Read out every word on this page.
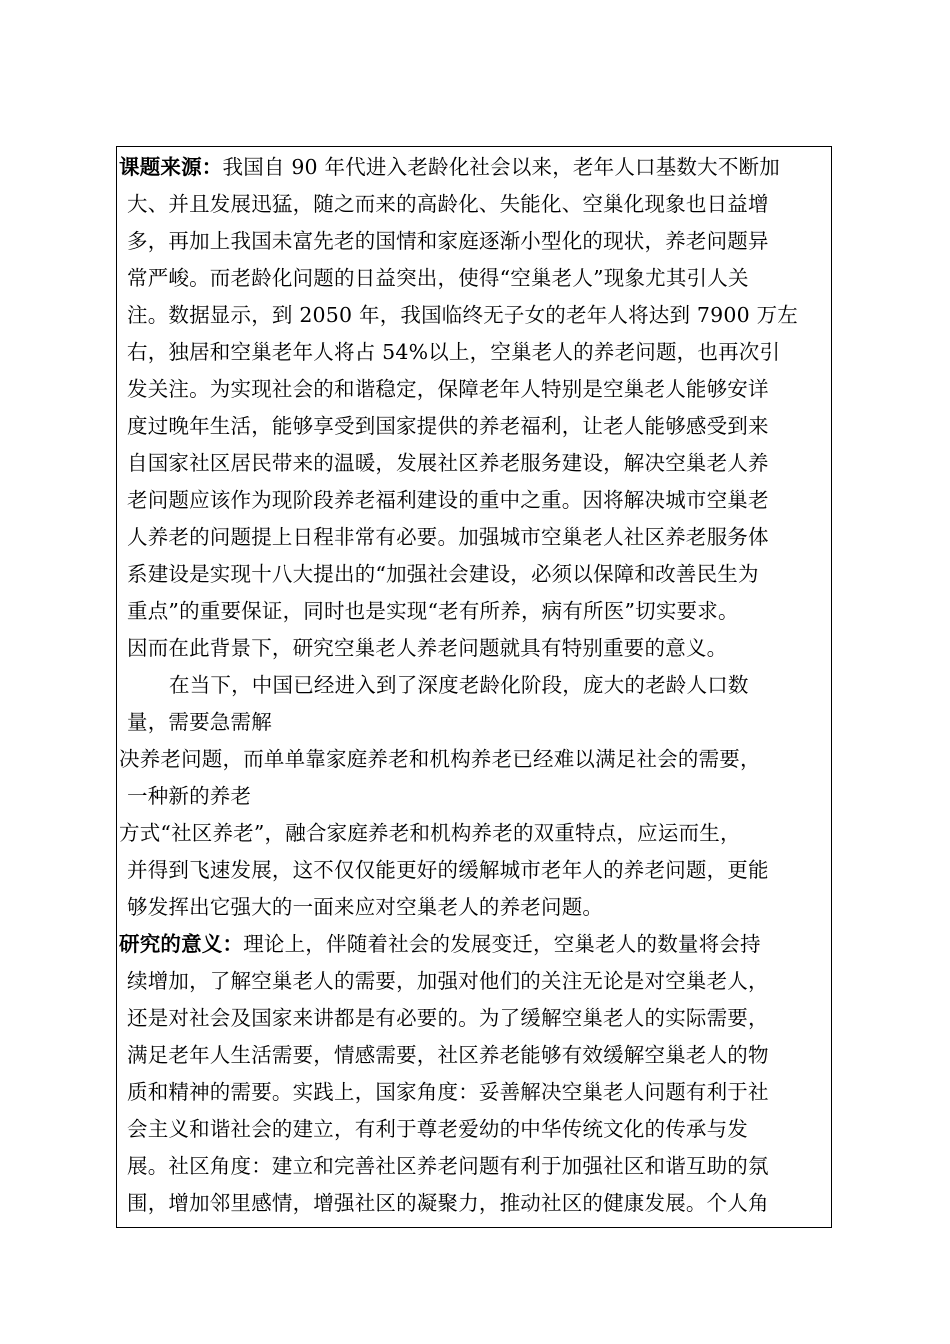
课题来源：我国自 90 年代进入老龄化社会以来，老年人口基数大不断加
大、并且发展迅猛，随之而来的高龄化、失能化、空巢化现象也日益增
多，再加上我国未富先老的国情和家庭逐渐小型化的现状，养老问题异
常严峻。而老龄化问题的日益突出，使得“空巢老人”现象尤其引人关
注。数据显示，到 2050 年，我国临终无子女的老年人将达到 7900 万左
右，独居和空巢老年人将占 54%以上，空巢老人的养老问题，也再次引
发关注。为实现社会的和谐稳定，保障老年人特别是空巢老人能够安详
度过晚年生活，能够享受到国家提供的养老福利，让老人能够感受到来
自国家社区居民带来的温暖，发展社区养老服务建设，解决空巢老人养
老问题应该作为现阶段养老福利建设的重中之重。因将解决城市空巢老
人养老的问题提上日程非常有必要。加强城市空巢老人社区养老服务体
系建设是实现十八大提出的“加强社会建设，必须以保障和改善民生为
重点”的重要保证，同时也是实现“老有所养，病有所医”切实要求。
因而在此背景下，研究空巢老人养老问题就具有特别重要的意义。
在当下，中国已经进入到了深度老龄化阶段，庞大的老龄人口数
量，需要急需解
决养老问题，而单单靠家庭养老和机构养老已经难以满足社会的需要，
一种新的养老
方式“社区养老”，融合家庭养老和机构养老的双重特点，应运而生，
并得到飞速发展，这不仅仅能更好的缓解城市老年人的养老问题，更能
够发挥出它强大的一面来应对空巢老人的养老问题。
研究的意义：理论上，伴随着社会的发展变迁，空巢老人的数量将会持
续增加，了解空巢老人的需要，加强对他们的关注无论是对空巢老人，
还是对社会及国家来讲都是有必要的。为了缓解空巢老人的实际需要，
满足老年人生活需要，情感需要，社区养老能够有效缓解空巢老人的物
质和精神的需要。实践上，国家角度：妥善解决空巢老人问题有利于社
会主义和谐社会的建立，有利于尊老爱幼的中华传统文化的传承与发
展。社区角度：建立和完善社区养老问题有利于加强社区和谐互助的氛
围，增加邻里感情，增强社区的凝聚力，推动社区的健康发展。个人角
